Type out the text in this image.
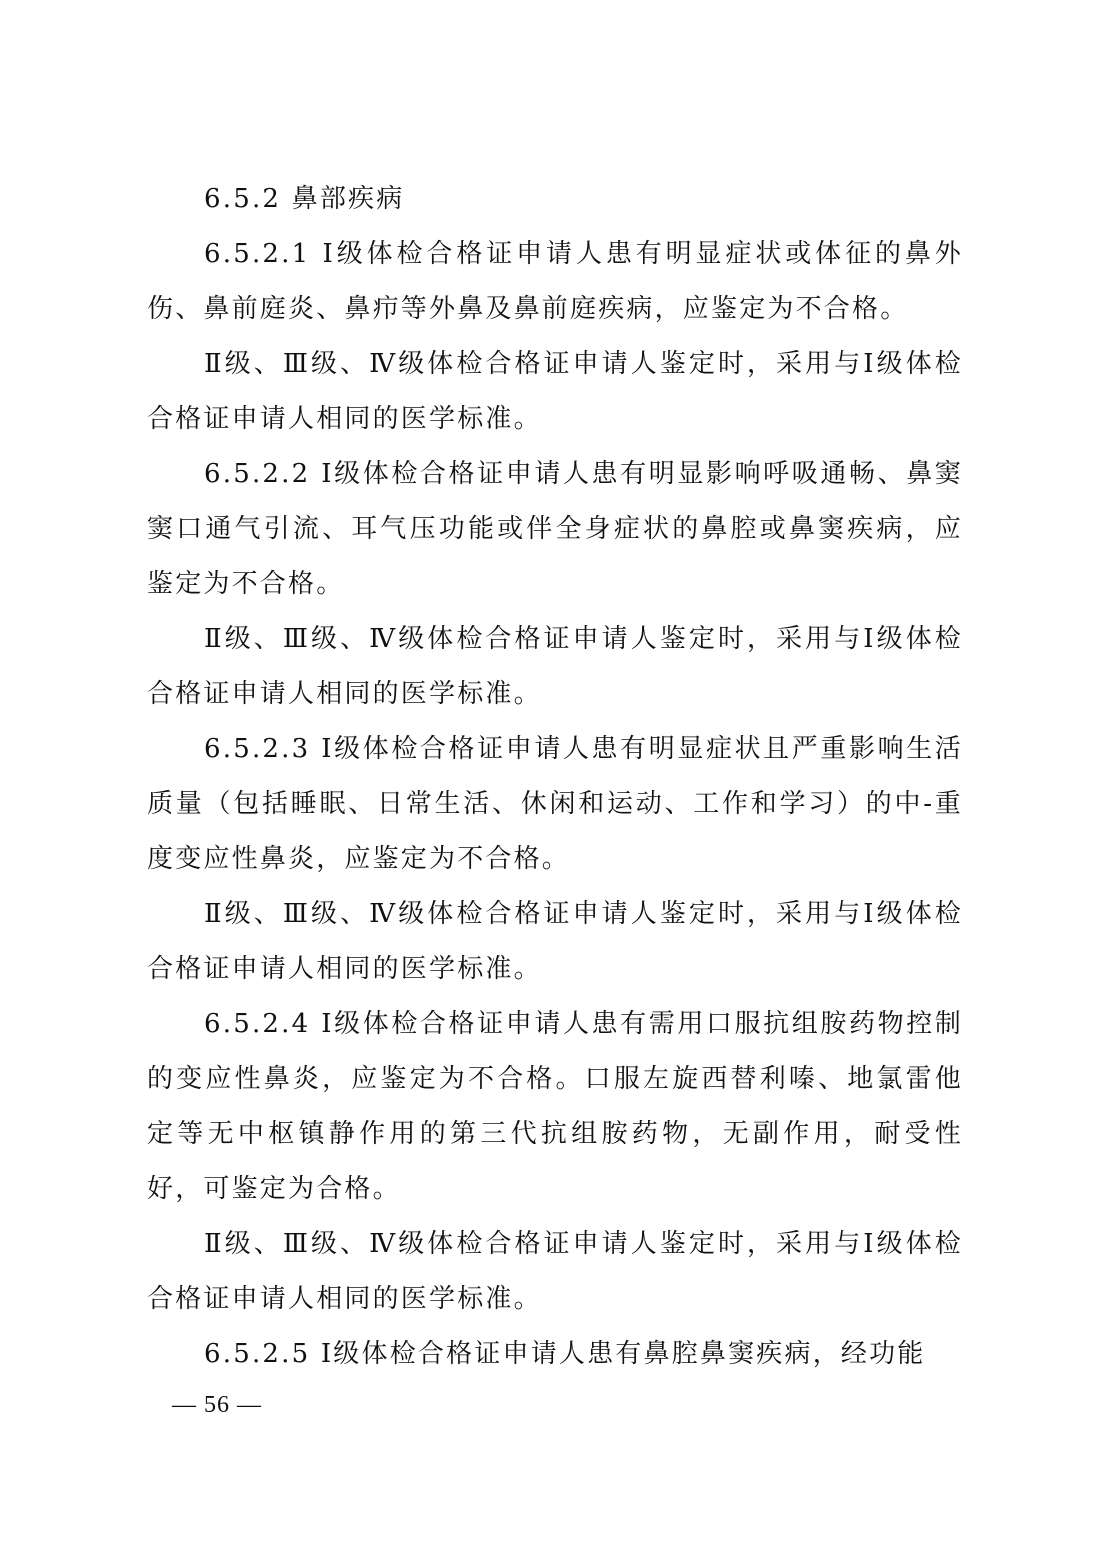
6.5.2 鼻部疾病

6.5.2.1 Ⅰ级体检合格证申请人患有明显症状或体征的鼻外伤、鼻前庭炎、鼻疖等外鼻及鼻前庭疾病，应鉴定为不合格。

Ⅱ级、Ⅲ级、Ⅳ级体检合格证申请人鉴定时，采用与Ⅰ级体检合格证申请人相同的医学标准。

6.5.2.2 Ⅰ级体检合格证申请人患有明显影响呼吸通畅、鼻窦窦口通气引流、耳气压功能或伴全身症状的鼻腔或鼻窦疾病，应鉴定为不合格。

Ⅱ级、Ⅲ级、Ⅳ级体检合格证申请人鉴定时，采用与Ⅰ级体检合格证申请人相同的医学标准。

6.5.2.3 Ⅰ级体检合格证申请人患有明显症状且严重影响生活质量（包括睡眠、日常生活、休闲和运动、工作和学习）的中-重度变应性鼻炎，应鉴定为不合格。

Ⅱ级、Ⅲ级、Ⅳ级体检合格证申请人鉴定时，采用与Ⅰ级体检合格证申请人相同的医学标准。

6.5.2.4 Ⅰ级体检合格证申请人患有需用口服抗组胺药物控制的变应性鼻炎，应鉴定为不合格。口服左旋西替利嗪、地氯雷他定等无中枢镇静作用的第三代抗组胺药物，无副作用，耐受性好，可鉴定为合格。

Ⅱ级、Ⅲ级、Ⅳ级体检合格证申请人鉴定时，采用与Ⅰ级体检合格证申请人相同的医学标准。

6.5.2.5 Ⅰ级体检合格证申请人患有鼻腔鼻窦疾病，经功能

— 56 —
